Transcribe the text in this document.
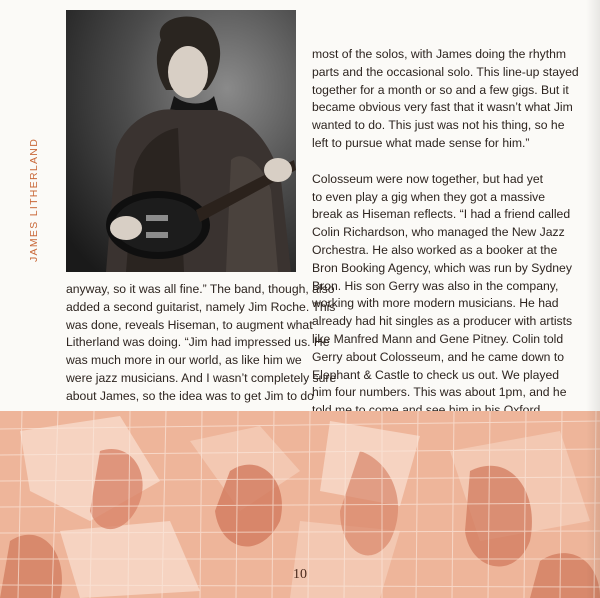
JAMES LITHERLAND

anyway, so it was all fine.” The band, though, also
added a second guitarist, namely Jim Roche. This
was done, reveals Hiseman, to augment what
Litherland was doing. “Jim had impressed us. He
was much more in our world, as like him we
were jazz musicians. And I wasn’t completely sure
about James, so the idea was to get Jim to do

most of the solos, with James doing the rhythm
parts and the occasional solo. This line-up stayed
together for a month or so and a few gigs. But it
became obvious very fast that it wasn’t what Jim
wanted to do. This just was not his thing, so he
left to pursue what made sense for him.”

Colosseum were now together, but had yet
to even play a gig when they got a massive
break as Hiseman reflects. “I had a friend called
Colin Richardson, who managed the New Jazz
Orchestra. He also worked as a booker at the
Bron Booking Agency, which was run by Sydney
Bron. His son Gerry was also in the company,
working with more modern musicians. He had
already had hit singles as a producer with artists
like Manfred Mann and Gene Pitney. Colin told
Gerry about Colosseum, and he came down to
Elephant & Castle to check us out. We played
him four numbers. This was about 1pm, and he

10
